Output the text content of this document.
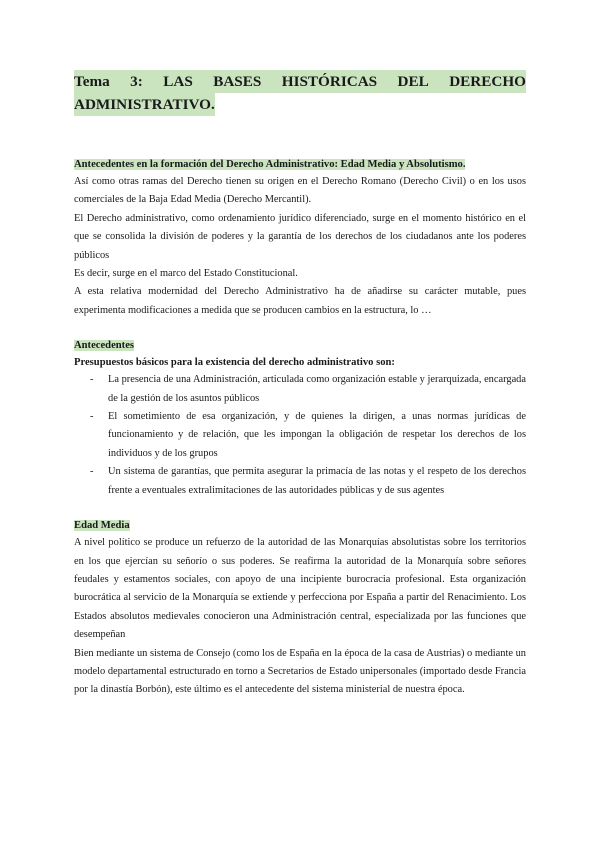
Tema 3: LAS BASES HISTÓRICAS DEL DERECHO
ADMINISTRATIVO.
Antecedentes en la formación del Derecho Administrativo: Edad Media y Absolutismo.

Así como otras ramas del Derecho tienen su origen en el Derecho Romano (Derecho Civil) o en los usos comerciales de la Baja Edad Media (Derecho Mercantil).

El Derecho administrativo, como ordenamiento jurídico diferenciado, surge en el momento histórico en el que se consolida la división de poderes y la garantía de los derechos de los ciudadanos ante los poderes públicos

Es decir, surge en el marco del Estado Constitucional.

A esta relativa modernidad del Derecho Administrativo ha de añadirse su carácter mutable, pues experimenta modificaciones a medida que se producen cambios en la estructura, lo …

Antecedentes
Presupuestos básicos para la existencia del derecho administrativo son:
- La presencia de una Administración, articulada como organización estable y jerarquizada, encargada de la gestión de los asuntos públicos
- El sometimiento de esa organización, y de quienes la dirigen, a unas normas jurídicas de funcionamiento y de relación, que les impongan la obligación de respetar los derechos de los individuos y de los grupos
- Un sistema de garantías, que permita asegurar la primacía de las notas y el respeto de los derechos frente a eventuales extralimitaciones de las autoridades públicas y de sus agentes
Edad Media

A nivel político se produce un refuerzo de la autoridad de las Monarquías absolutistas sobre los territorios en los que ejercían su señorío o sus poderes. Se reafirma la autoridad de la Monarquía sobre señores feudales y estamentos sociales, con apoyo de una incipiente burocracia profesional. Esta organización burocrática al servicio de la Monarquía se extiende y perfecciona por España a partir del Renacimiento. Los Estados absolutos medievales conocieron una Administración central, especializada por las funciones que desempeñan

Bien mediante un sistema de Consejo (como los de España en la época de la casa de Austrias) o mediante un modelo departamental estructurado en torno a Secretarios de Estado unipersonales (importado desde Francia por la dinastía Borbón), este último es el antecedente del sistema ministerial de nuestra época.
